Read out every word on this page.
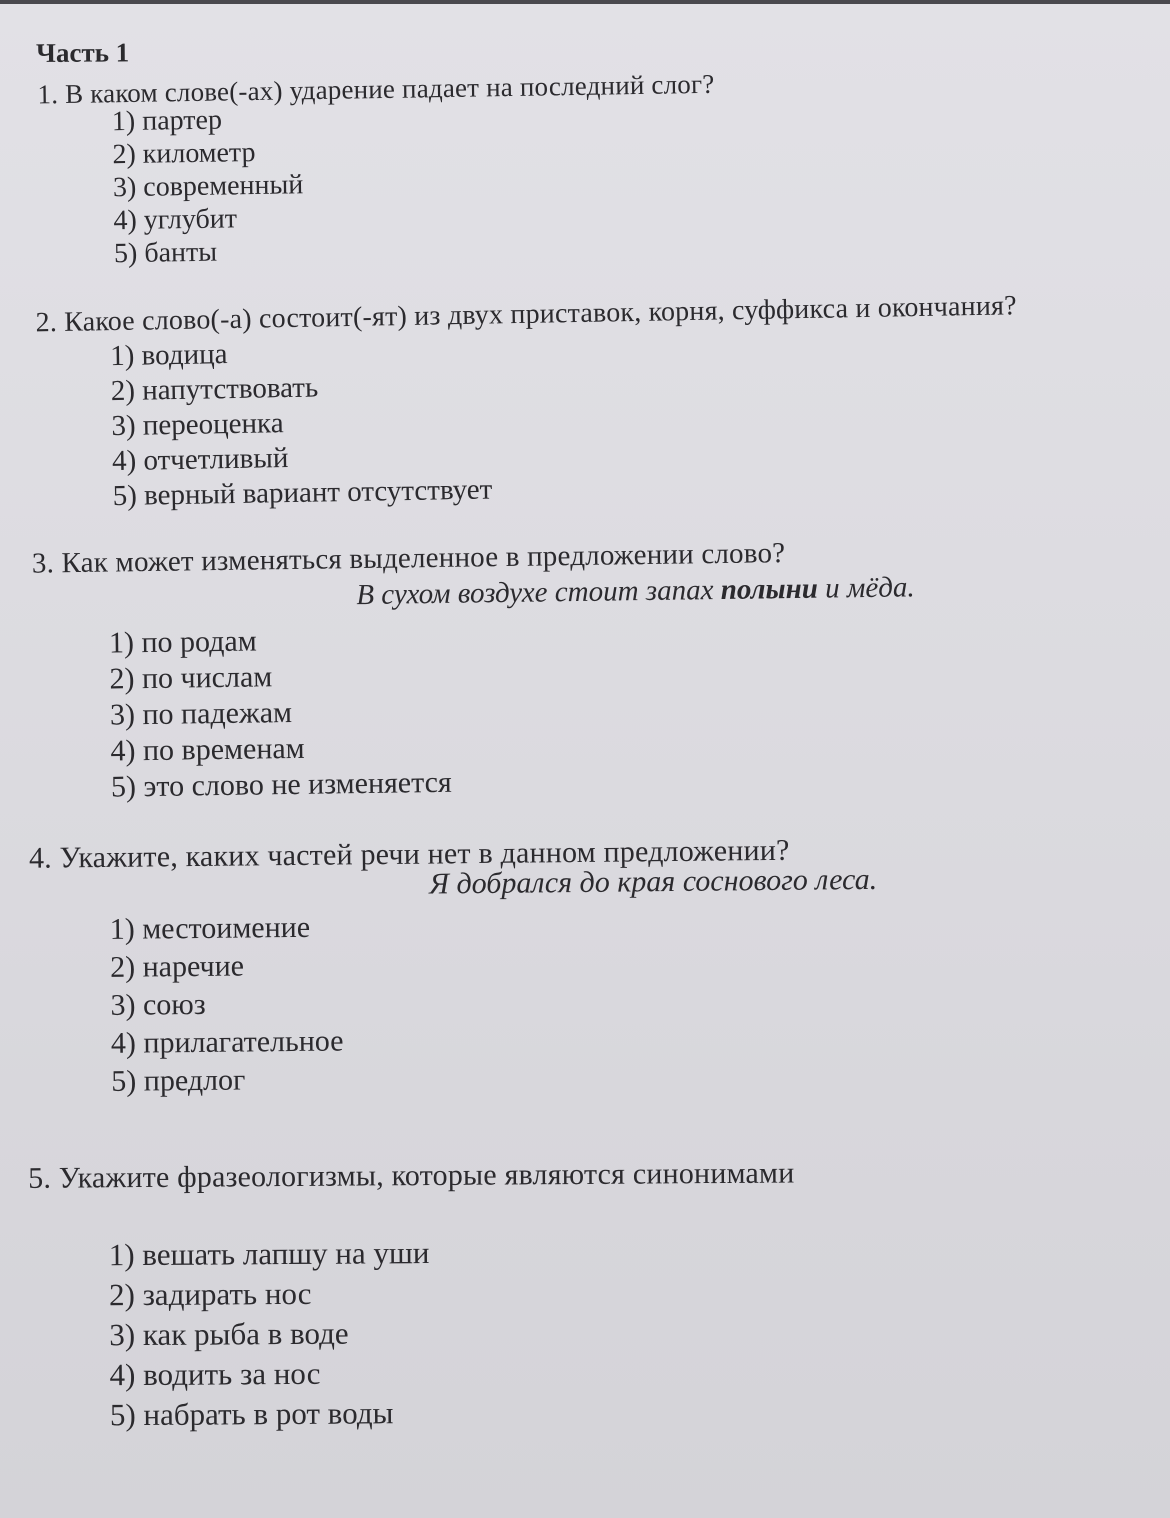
Часть 1
1. В каком слове(-ах) ударение падает на последний слог?
1) партер
2) километр
3) современный
4) углубит
5) банты
2. Какое слово(-а) состоит(-ят) из двух приставок, корня, суффикса и окончания?
1) водица
2) напутствовать
3) переоценка
4) отчетливый
5) верный вариант отсутствует
3. Как может изменяться выделенное в предложении слово?
В сухом воздухе стоит запах полыни и мёда.
1) по родам
2) по числам
3) по падежам
4) по временам
5) это слово не изменяется
4. Укажите, каких частей речи нет в данном предложении?
Я добрался до края соснового леса.
1) местоимение
2) наречие
3) союз
4) прилагательное
5) предлог
5. Укажите фразеологизмы, которые являются синонимами
1) вешать лапшу на уши
2) задирать нос
3) как рыба в воде
4) водить за нос
5) набрать в рот воды
